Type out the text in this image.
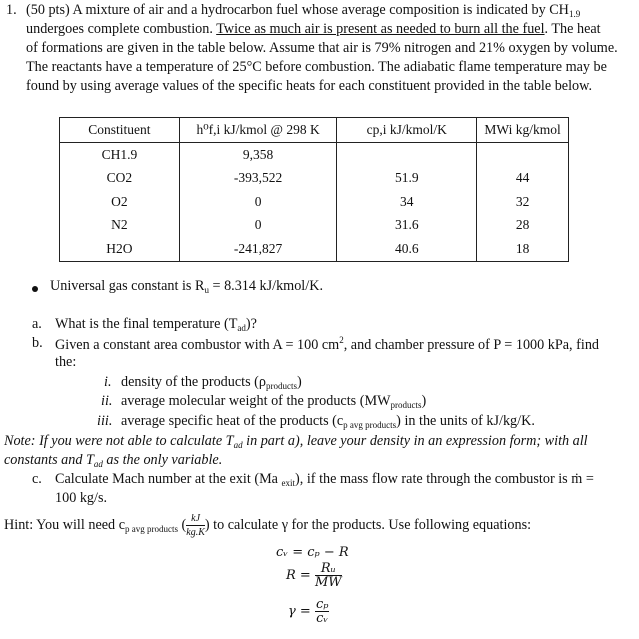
1. (50 pts) A mixture of air and a hydrocarbon fuel whose average composition is indicated by $CH_{1.9}$
undergoes complete combustion. Twice as much air is present as needed to burn all the fuel. The heat
of formations are given in the table below. Assume that air is 79% nitrogen and 21% oxygen by volume.
The reactants have a temperature of 25°C before combustion. The adiabatic flame temperature may be
found by using average values of the specific heats for each constituent provided in the table below.
Constituent	h⁰f,i kJ/kmol @ 298 K	cp,i kJ/kmol/K	MWi kg/kmol
CH1.9	9,358		
CO2	-393,522	51.9	44
O2	0	34	32
N2	0	31.6	28
H2O	-241,827	40.6	18
Universal gas constant is $R_u = 8.314$ kJ/kmol/K.
a. What is the final temperature $(T_{ad})$?
b. Given a constant area combustor with A = 100 $cm^2$, and chamber pressure of P = 1000 kPa, find
the:
i. density of the products $(\rho_{products})$
ii. average molecular weight of the products $(MW_{products})$
iii. average specific heat of the products $(c_{p avg products})$ in the units of kJ/kg/K.
Note: If you were not able to calculate $T_{ad}$ in part a), leave your density in an expression form; with all
constants and $T_{ad}$ as the only variable.
c. Calculate Mach number at the exit (Ma $_{exit}$), if the mass flow rate through the combustor is ṁ =
100 kg/s.
Hint: You will need $c_{p avg products}$ ( $\frac{kJ}{kg.K}$ ) to calculate γ for the products. Use following equations:
cᵥ = cₚ − R
$R = \frac{\text{Rᵤ}}{MW}$
$\gamma = \frac{\text{cₚ}}{\text{cᵥ}}$
